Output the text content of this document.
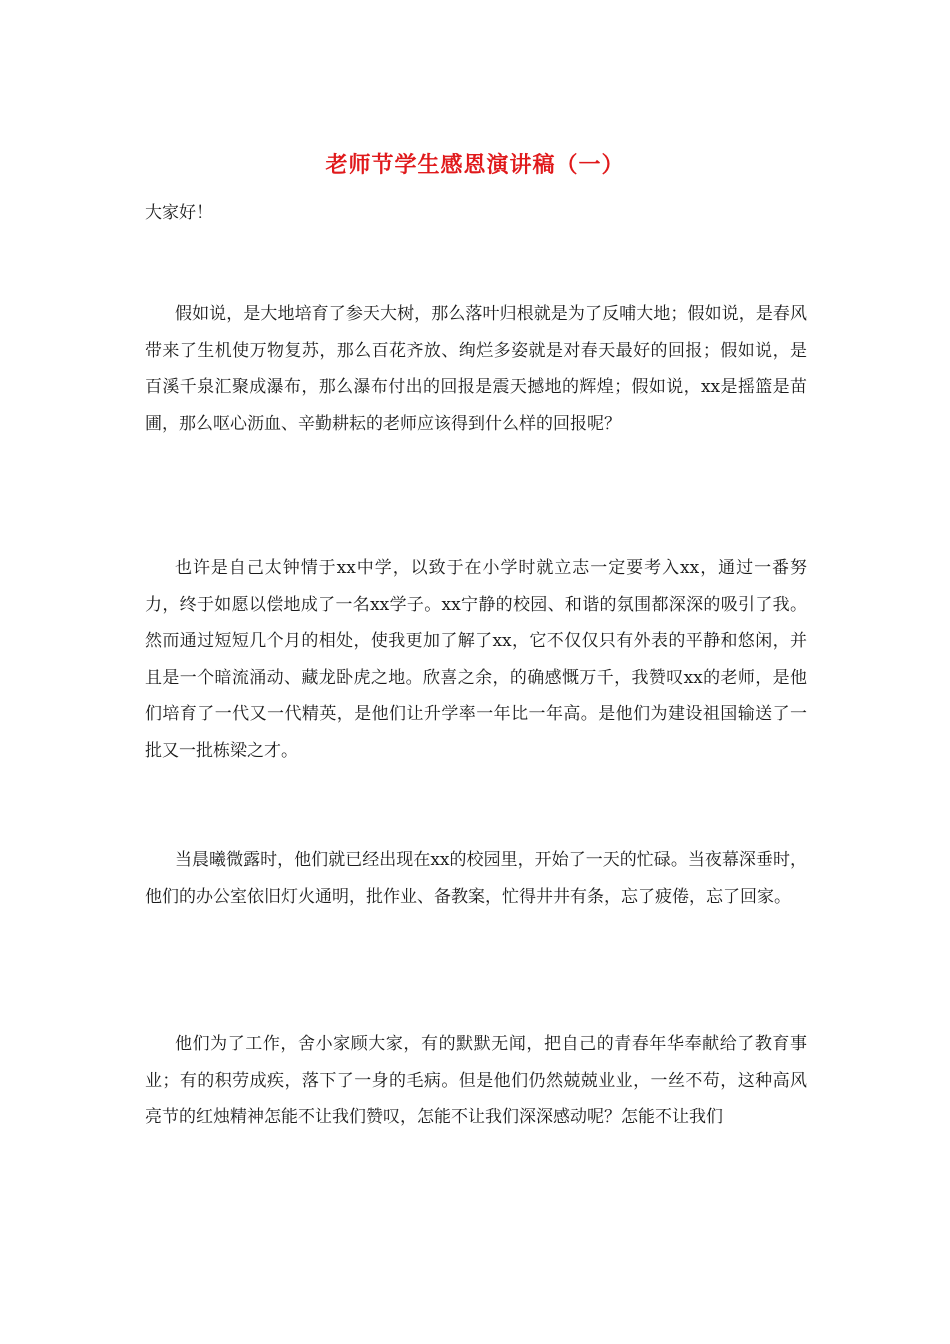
老师节学生感恩演讲稿（一）
大家好！

假如说，是大地培育了参天大树，那么落叶归根就是为了反哺大地；假如说，是春风带来了生机使万物复苏，那么百花齐放、绚烂多姿就是对春天最好的回报；假如说，是百溪千泉汇聚成瀑布，那么瀑布付出的回报是震天撼地的辉煌；假如说，xx是摇篮是苗圃，那么呕心沥血、辛勤耕耘的老师应该得到什么样的回报呢？

也许是自己太钟情于xx中学，以致于在小学时就立志一定要考入xx，通过一番努力，终于如愿以偿地成了一名xx学子。xx宁静的校园、和谐的氛围都深深的吸引了我。然而通过短短几个月的相处，使我更加了解了xx，它不仅仅只有外表的平静和悠闲，并且是一个暗流涌动、藏龙卧虎之地。欣喜之余，的确感慨万千，我赞叹xx的老师，是他们培育了一代又一代精英，是他们让升学率一年比一年高。是他们为建设祖国输送了一批又一批栋梁之才。

当晨曦微露时，他们就已经出现在xx的校园里，开始了一天的忙碌。当夜幕深垂时，他们的办公室依旧灯火通明，批作业、备教案，忙得井井有条，忘了疲倦，忘了回家。

他们为了工作，舍小家顾大家，有的默默无闻，把自己的青春年华奉献给了教育事业；有的积劳成疾，落下了一身的毛病。但是他们仍然兢兢业业，一丝不苟，这种高风亮节的红烛精神怎能不让我们赞叹，怎能不让我们深深感动呢？怎能不让我们
